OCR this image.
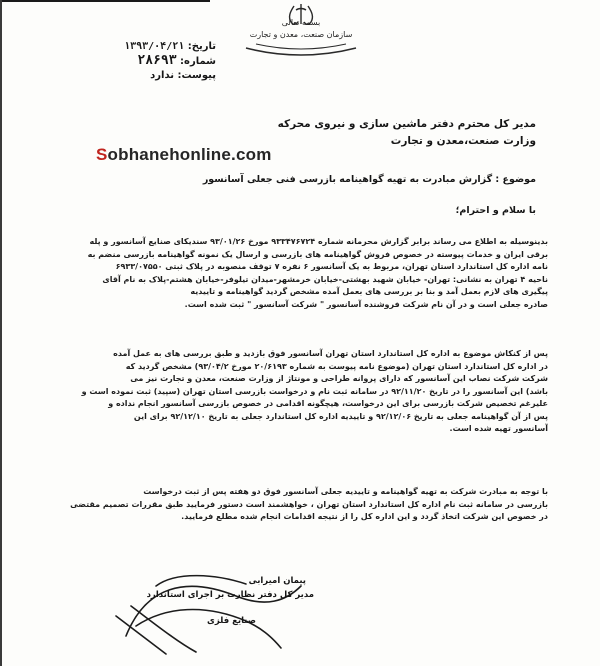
بسمه تعالی
سازمان صنعت، معدن و تجارت
تاریخ: ۱۳۹۳/۰۴/۲۱
شماره: ۲۸۶۹۳
پیوست: ندارد
مدیر کل محترم دفتر ماشین سازی و نیروی محرکه
وزارت صنعت،معدن و تجارت
Sobhanehonline.com
موضوع : گزارش مبادرت به تهیه گواهینامه بازرسی فنی جعلی آسانسور
با سلام و احترام؛
بدینوسیله به اطلاع می رساند برابر گزارش محرمانه شماره ۹۳۳۴۷۶۷۲۴ مورخ ۹۳/۰۱/۲۶ سندیکای صنایع آسانسور و پله
برقی ایران و خدمات پیوسته در خصوص فروش گواهینامه های بازرسی و ارسال یک نمونه گواهینامه بازرسی منضم به
نامه اداره کل استاندارد استان تهران، مربوط به یک آسانسور ۶ نفره ۷ توقف منصوبه در پلاک ثبتی ۶۹۳۳/۰۷۵۵۰
ناحیه ۴ تهران به نشانی: تهران- خیابان شهید بهشتی-خیابان خرمشهر-میدان تیلوفر-خیابان هشتم-پلاک به نام آقای
پیگیری های لازم بعمل آمد و بنا بر بررسی های بعمل آمده مشخص گردید گواهینامه و تاییدیه
صادره جعلی است و در آن نام شرکت فروشنده آسانسور " شرکت آسانسور " ثبت شده است.
پس از کنکاش موضوع به اداره کل استاندارد استان تهران آسانسور فوق بازدید و طبق بررسی های به عمل آمده
در اداره کل استاندارد استان تهران (موضوع نامه پیوست به شماره ۲۰/۶۱۹۳ مورخ ۹۳/۰۴/۲) مشخص گردید که
شرکت شرکت نصاب این آسانسور که دارای پروانه طراحی و مونتاژ از وزارت صنعت، معدن و تجارت نیز می
باشد) این آسانسور را در تاریخ ۹۲/۱۱/۲۰ در سامانه ثبت نام و درخواست بازرسی استان تهران (سپید) ثبت نموده است و
علیرغم تخصیص شرکت بازرسی برای این درخواست، هیچگونه اقدامی در خصوص بازرسی آسانسور انجام نداده و
پس از آن گواهینامه جعلی به تاریخ ۹۲/۱۲/۰۶ و تاییدیه اداره کل استاندارد جعلی به تاریخ ۹۲/۱۲/۱۰ برای این
آسانسور تهیه شده است.
با توجه به مبادرت شرکت به تهیه گواهینامه و تاییدیه جعلی آسانسور فوق دو هفته پس از ثبت درخواست
بازرسی در سامانه ثبت نام اداره کل استاندارد استان تهران ، خواهشمند است دستور فرمایید طبق مقررات تصمیم مقتضی
در خصوص این شرکت اتخاذ گردد و این اداره کل را از نتیجه اقدامات انجام شده مطلع فرمایید.
پیمان امیرابی
مدیر کل دفتر نظارت بر اجرای استاندارد
صنایع فلزی
